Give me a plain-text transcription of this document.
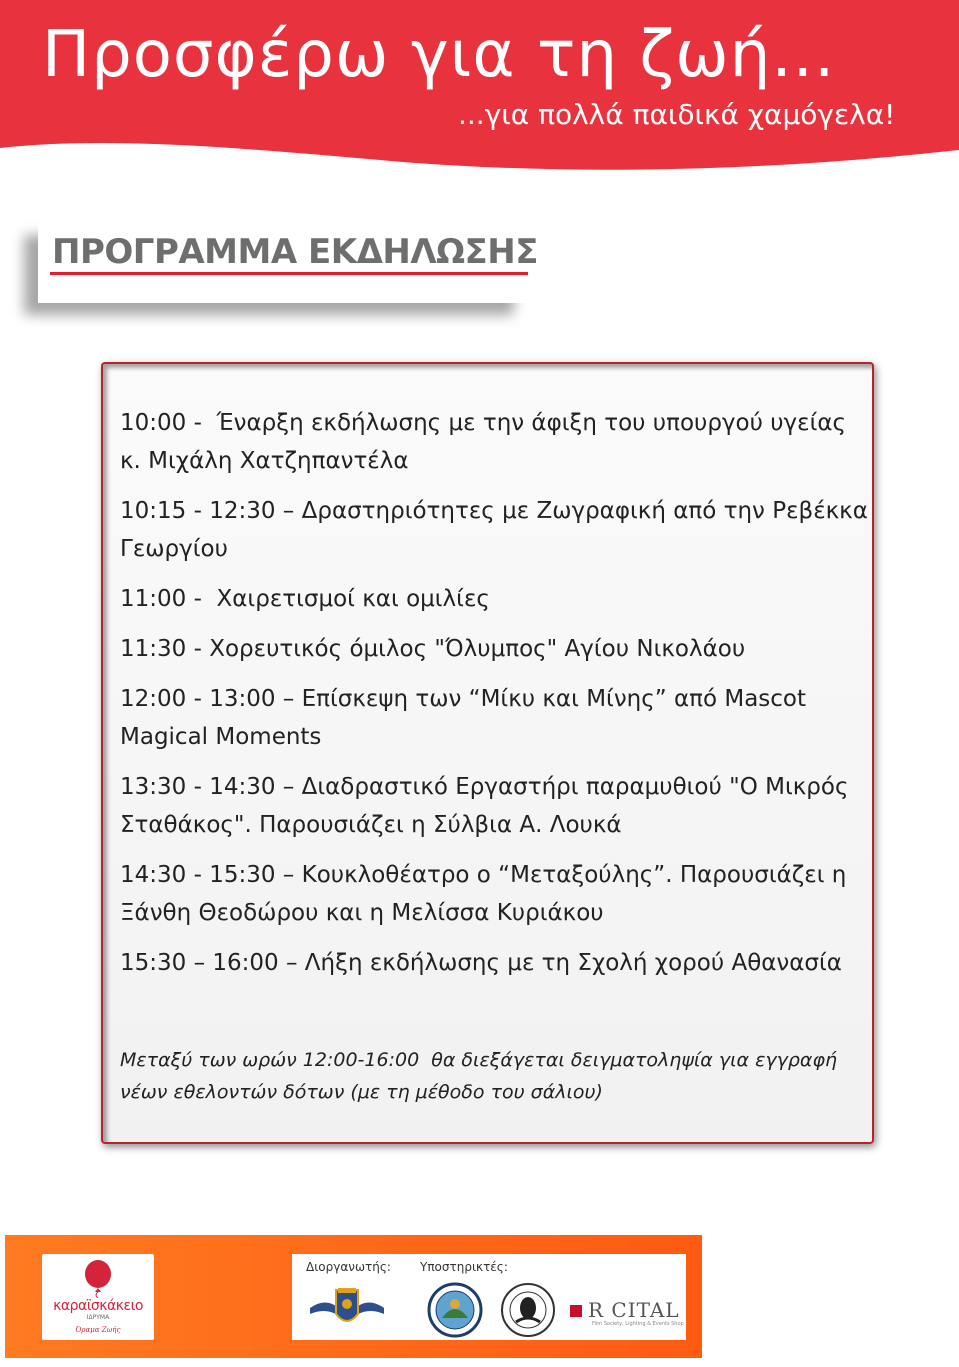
Προσφέρω για τη ζωή...
...για πολλά παιδικά χαμόγελα!
ΠΡΟΓΡΑΜΜΑ ΕΚΔΗΛΩΣΗΣ
10:00 -  Έναρξη εκδήλωσης με την άφιξη του υπουργού υγείας
κ. Μιχάλη Χατζηπαντέλα
10:15 - 12:30 – Δραστηριότητες με Ζωγραφική από την Ρεβέκκα
Γεωργίου
11:00 -  Χαιρετισμοί και ομιλίες
11:30 - Χορευτικός όμιλος "Όλυμπος" Αγίου Νικολάου
12:00 - 13:00 – Επίσκεψη των “Μίκυ και Μίνης” από Mascot
Magical Moments
13:30 - 14:30 – Διαδραστικό Εργαστήρι παραμυθιού "Ο Μικρός
Σταθάκος". Παρουσιάζει η Σύλβια Α. Λουκά
14:30 - 15:30 – Κουκλοθέατρο ο “Μεταξούλης”. Παρουσιάζει η
Ξάνθη Θεοδώρου και η Μελίσσα Κυριάκου
15:30 – 16:00 – Λήξη εκδήλωσης με τη Σχολή χορού Αθανασία
Μεταξύ των ωρών 12:00-16:00  θα διεξάγεται δειγματοληψία για εγγραφή
νέων εθελοντών δότων (με τη μέθοδο του σάλιου)
καραϊσκάκειο
ΙΔΡΥΜΑ
Όραμα Ζωής
Διοργανωτής: Υποστηρικτές:
R CITAL
Film Society, Lighting & Events Shop
